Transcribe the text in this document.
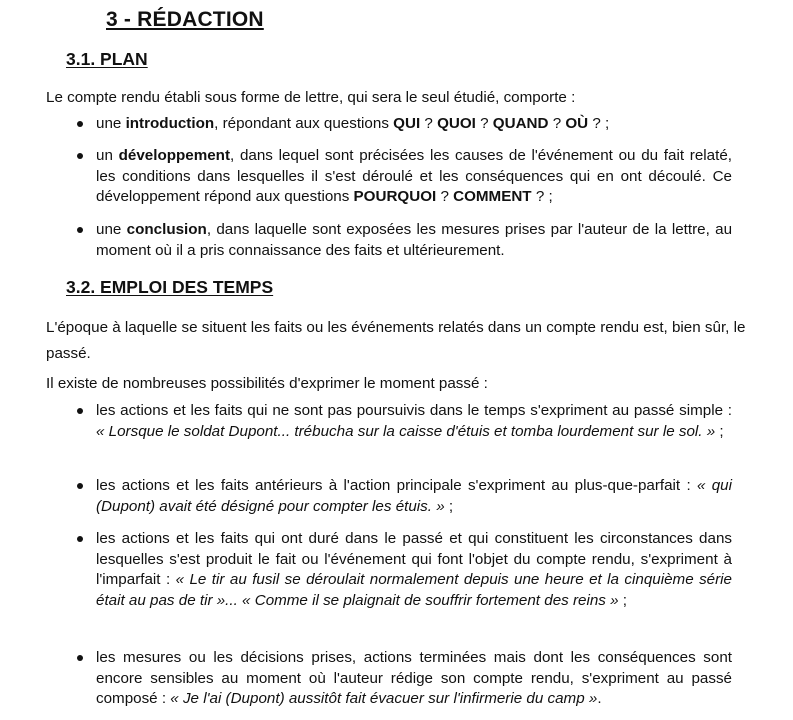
3 - RÉDACTION
3.1. PLAN

Le compte rendu établi sous forme de lettre, qui sera le seul étudié, comporte :

une introduction, répondant aux questions QUI ? QUOI ? QUAND ? OÙ ? ;

un développement, dans lequel sont précisées les causes de l'événement ou du fait relaté, les conditions dans lesquelles il s'est déroulé et les conséquences qui en ont découlé. Ce développement répond aux questions POURQUOI ? COMMENT ? ;

une conclusion, dans laquelle sont exposées les mesures prises par l'auteur de la lettre, au moment où il a pris connaissance des faits et ultérieurement.

3.2. EMPLOI DES TEMPS

L'époque à laquelle se situent les faits ou les événements relatés dans un compte rendu est, bien sûr, le passé.

Il existe de nombreuses possibilités d'exprimer le moment passé :

les actions et les faits qui ne sont pas poursuivis dans le temps s'expriment au passé simple : « Lorsque le soldat Dupont... trébucha sur la caisse d'étuis et tomba lourdement sur le sol. » ;

les actions et les faits antérieurs à l'action principale s'expriment au plus-que-parfait : « qui (Dupont) avait été désigné pour compter les étuis. » ;

les actions et les faits qui ont duré dans le passé et qui constituent les circonstances dans lesquelles s'est produit le fait ou l'événement qui font l'objet du compte rendu, s'expriment à l'imparfait : « Le tir au fusil se déroulait normalement depuis une heure et la cinquième série était au pas de tir »... « Comme il se plaignait de souffrir fortement des reins » ;

les mesures ou les décisions prises, actions terminées mais dont les conséquences sont encore sensibles au moment où l'auteur rédige son compte rendu, s'expriment au passé composé : « Je l'ai (Dupont) aussitôt fait évacuer sur l'infirmerie du camp ».
